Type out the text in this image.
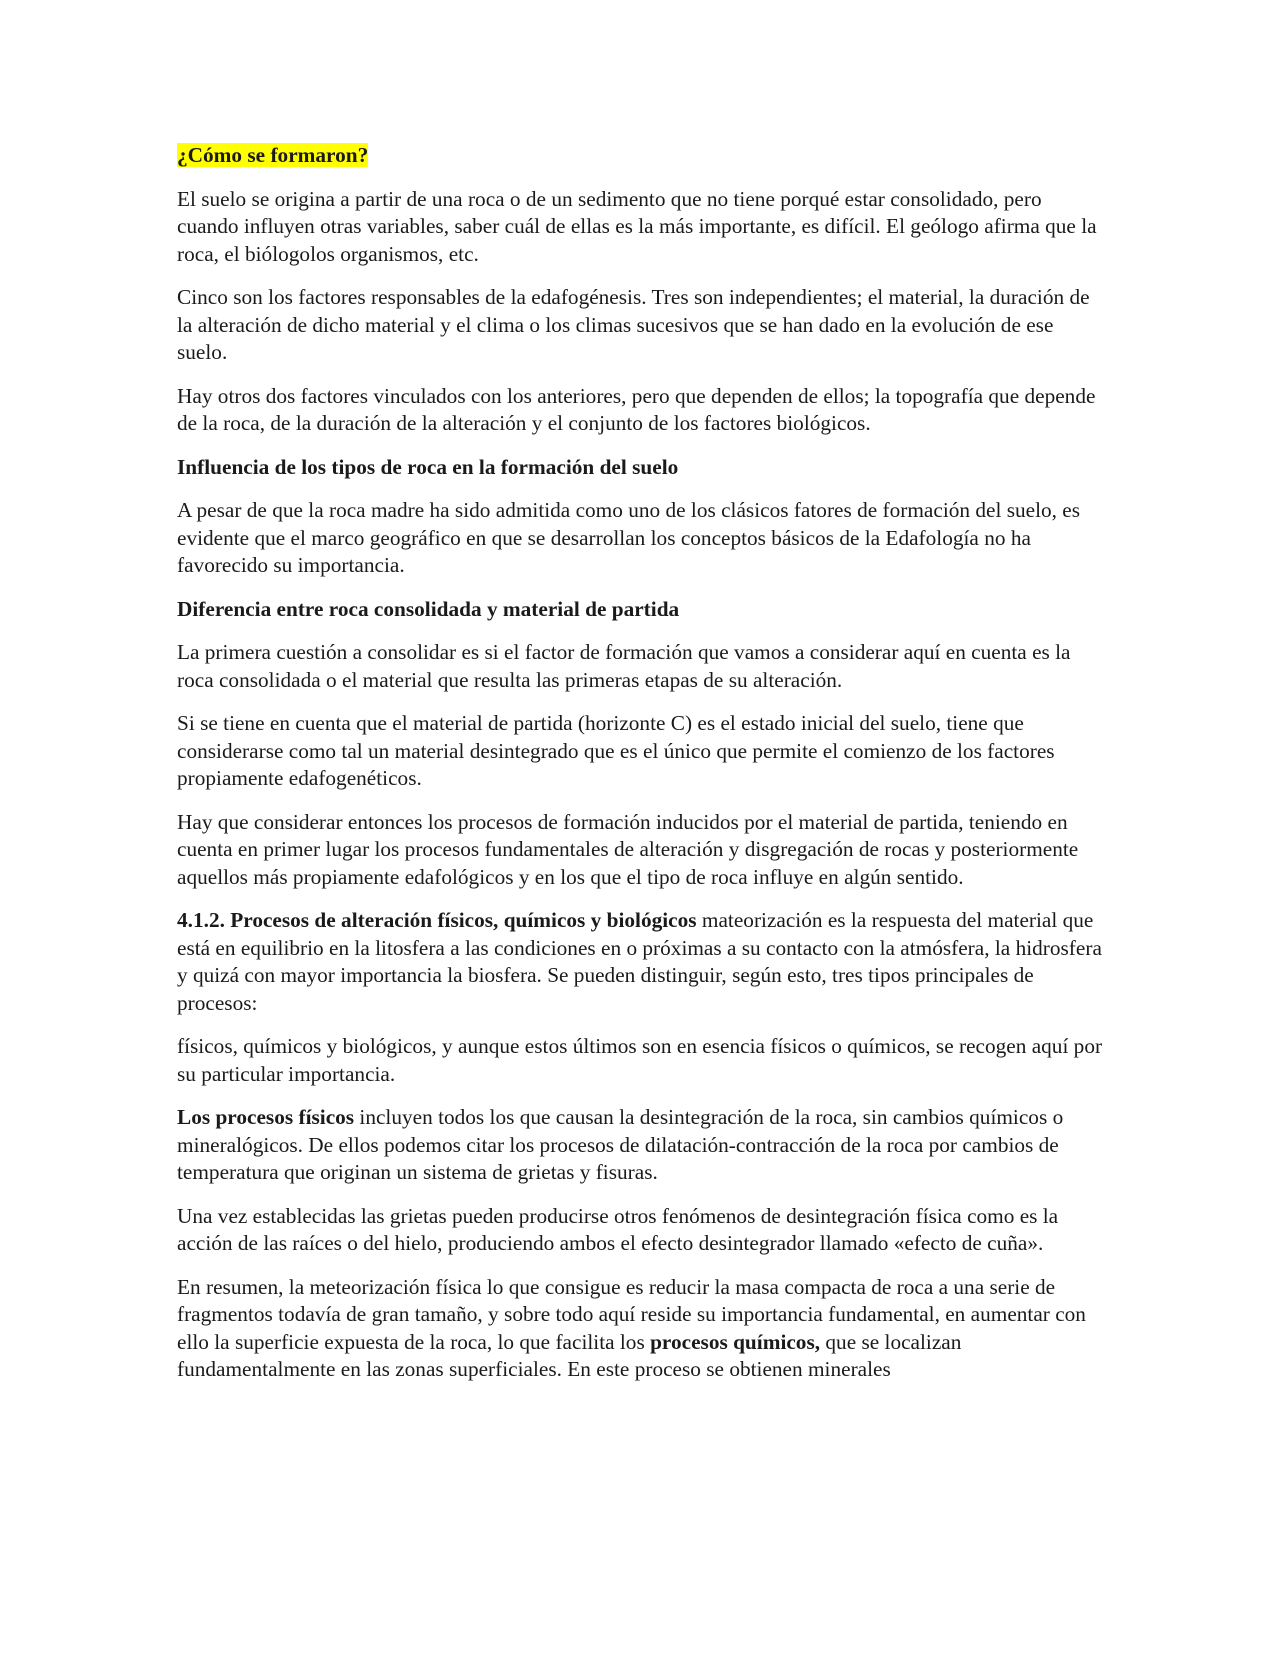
¿Cómo se formaron?

El suelo se origina a partir de una roca o de un sedimento que no tiene porqué estar consolidado, pero cuando influyen otras variables, saber cuál de ellas es la más importante, es difícil. El geólogo afirma que la roca, el biólogolos organismos, etc.

Cinco son los factores responsables de la edafogénesis. Tres son independientes; el material, la duración de la alteración de dicho material y el clima o los climas sucesivos que se han dado en la evolución de ese suelo.

Hay otros dos factores vinculados con los anteriores, pero que dependen de ellos; la topografía que depende de la roca, de la duración de la alteración y el conjunto de los factores biológicos.

Influencia de los tipos de roca en la formación del suelo

A pesar de que la roca madre ha sido admitida como uno de los clásicos fatores de formación del suelo, es evidente que el marco geográfico en que se desarrollan los conceptos básicos de la Edafología no ha favorecido su importancia.

Diferencia entre roca consolidada y material de partida

La primera cuestión a consolidar es si el factor de formación que vamos a considerar aquí en cuenta es la roca consolidada o el material que resulta las primeras etapas de su alteración.

Si se tiene en cuenta que el material de partida (horizonte C) es el estado inicial del suelo, tiene que considerarse como tal un material desintegrado que es el único que permite el comienzo de los factores propiamente edafogenéticos.

Hay que considerar entonces los procesos de formación inducidos por el material de partida, teniendo en cuenta en primer lugar los procesos fundamentales de alteración y disgregación de rocas y posteriormente aquellos más propiamente edafológicos y en los que el tipo de roca influye en algún sentido.

4.1.2. Procesos de alteración físicos, químicos y biológicos mateorización es la respuesta del material que está en equilibrio en la litosfera a las condiciones en o próximas a su contacto con la atmósfera, la hidrosfera y quizá con mayor importancia la biosfera. Se pueden distinguir, según esto, tres tipos principales de procesos:

físicos, químicos y biológicos, y aunque estos últimos son en esencia físicos o químicos, se recogen aquí por su particular importancia.

Los procesos físicos incluyen todos los que causan la desintegración de la roca, sin cambios químicos o mineralógicos. De ellos podemos citar los procesos de dilatación-contracción de la roca por cambios de temperatura que originan un sistema de grietas y fisuras.

Una vez establecidas las grietas pueden producirse otros fenómenos de desintegración física como es la acción de las raíces o del hielo, produciendo ambos el efecto desintegrador llamado «efecto de cuña».

En resumen, la meteorización física lo que consigue es reducir la masa compacta de roca a una serie de fragmentos todavía de gran tamaño, y sobre todo aquí reside su importancia fundamental, en aumentar con ello la superficie expuesta de la roca, lo que facilita los procesos químicos, que se localizan fundamentalmente en las zonas superficiales. En este proceso se obtienen minerales
